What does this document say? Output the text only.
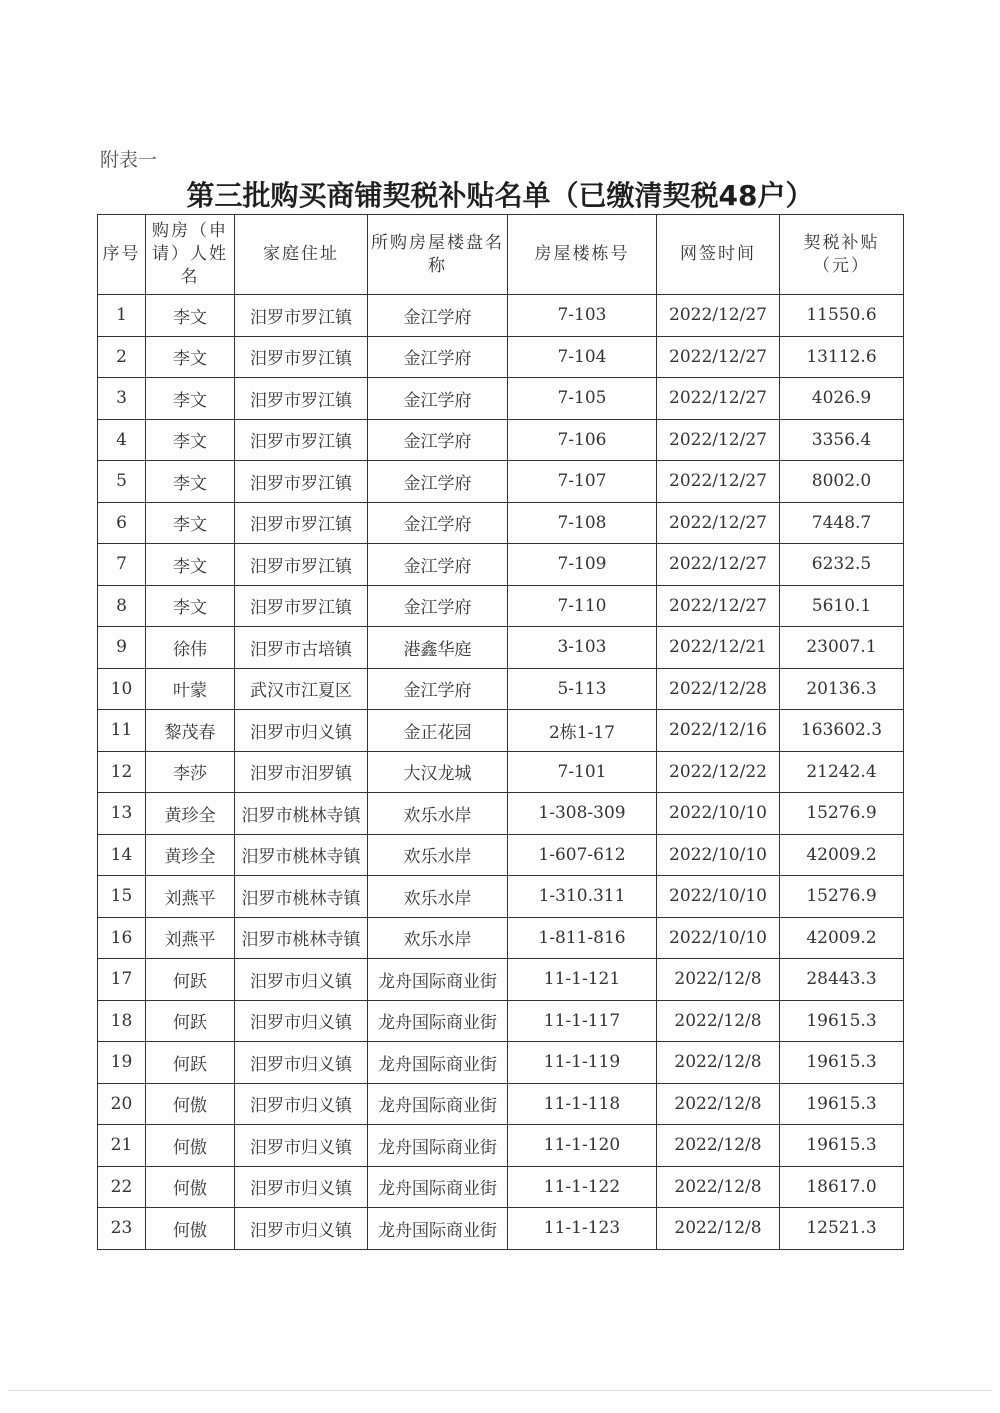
附表一
第三批购买商铺契税补贴名单（已缴清契税48户）
序号	购房（申请）人姓名	家庭住址	所购房屋楼盘名称	房屋楼栋号	网签时间	契税补贴（元）
1	李文	汨罗市罗江镇	金江学府	7-103	2022/12/27	11550.6
2	李文	汨罗市罗江镇	金江学府	7-104	2022/12/27	13112.6
3	李文	汨罗市罗江镇	金江学府	7-105	2022/12/27	4026.9
4	李文	汨罗市罗江镇	金江学府	7-106	2022/12/27	3356.4
5	李文	汨罗市罗江镇	金江学府	7-107	2022/12/27	8002.0
6	李文	汨罗市罗江镇	金江学府	7-108	2022/12/27	7448.7
7	李文	汨罗市罗江镇	金江学府	7-109	2022/12/27	6232.5
8	李文	汨罗市罗江镇	金江学府	7-110	2022/12/27	5610.1
9	徐伟	汨罗市古培镇	港鑫华庭	3-103	2022/12/21	23007.1
10	叶蒙	武汉市江夏区	金江学府	5-113	2022/12/28	20136.3
11	黎茂春	汨罗市归义镇	金正花园	2栋1-17	2022/12/16	163602.3
12	李莎	汨罗市汨罗镇	大汉龙城	7-101	2022/12/22	21242.4
13	黄珍全	汨罗市桃林寺镇	欢乐水岸	1-308-309	2022/10/10	15276.9
14	黄珍全	汨罗市桃林寺镇	欢乐水岸	1-607-612	2022/10/10	42009.2
15	刘燕平	汨罗市桃林寺镇	欢乐水岸	1-310.311	2022/10/10	15276.9
16	刘燕平	汨罗市桃林寺镇	欢乐水岸	1-811-816	2022/10/10	42009.2
17	何跃	汨罗市归义镇	龙舟国际商业街	11-1-121	2022/12/8	28443.3
18	何跃	汨罗市归义镇	龙舟国际商业街	11-1-117	2022/12/8	19615.3
19	何跃	汨罗市归义镇	龙舟国际商业街	11-1-119	2022/12/8	19615.3
20	何傲	汨罗市归义镇	龙舟国际商业街	11-1-118	2022/12/8	19615.3
21	何傲	汨罗市归义镇	龙舟国际商业街	11-1-120	2022/12/8	19615.3
22	何傲	汨罗市归义镇	龙舟国际商业街	11-1-122	2022/12/8	18617.0
23	何傲	汨罗市归义镇	龙舟国际商业街	11-1-123	2022/12/8	12521.3
